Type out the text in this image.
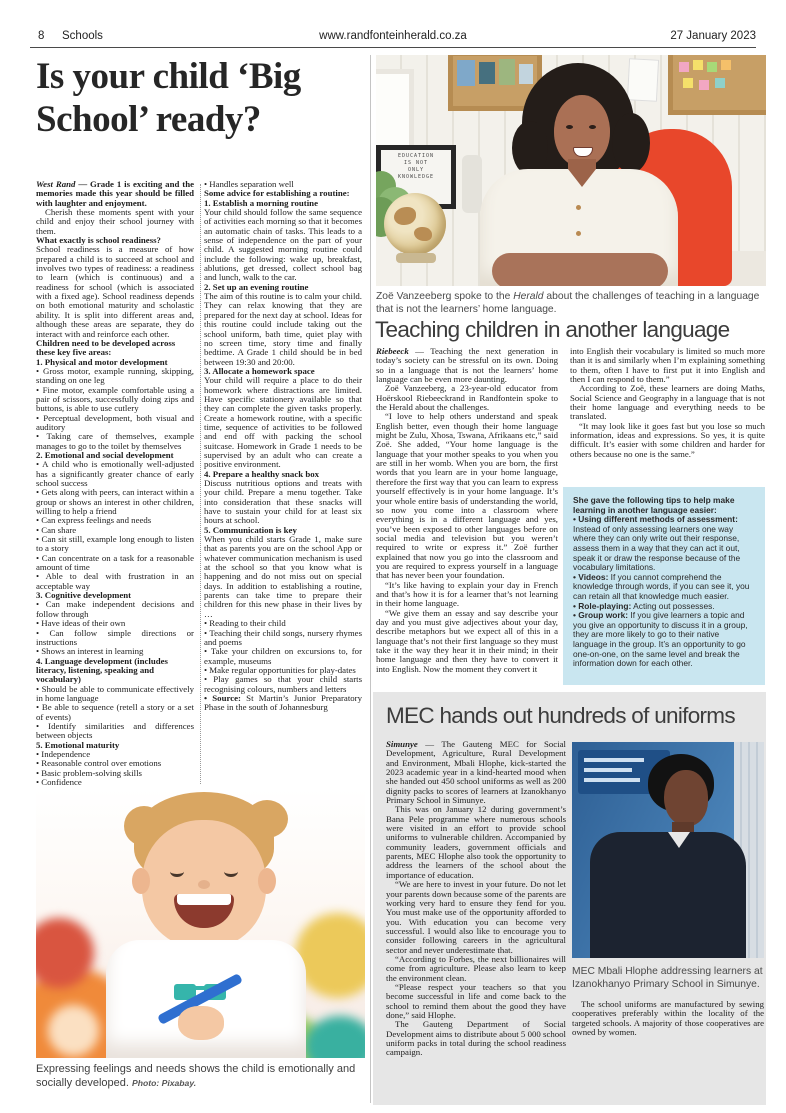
8 Schools	www.randfonteinherald.co.za	27 January 2023
Is your child ‘Big School’ ready?

West Rand — Grade 1 is exciting and the memories made this year should be filled with laughter and enjoyment.

Cherish these moments spent with your child and enjoy their school journey with them.

What exactly is school readiness?

School readiness is a measure of how prepared a child is to succeed at school and involves two types of readiness: a readiness to learn (which is continuous) and a readiness for school (which is associated with a fixed age). School readiness depends on both emotional maturity and scholastic ability. It is split into different areas and, although these areas are separate, they do interact with and reinforce each other.

Children need to be developed across these key five areas:

1. Physical and motor development

• Gross motor, example running, skipping, standing on one leg

• Fine motor, example comfortable using a pair of scissors, successfully doing zips and buttons, is able to use cutlery

• Perceptual development, both visual and auditory

• Taking care of themselves, example manages to go to the toilet by themselves

2. Emotional and social development

• A child who is emotionally well-adjusted has a significantly greater chance of early school success

• Gets along with peers, can interact within a group or shows an interest in other children, willing to help a friend

• Can express feelings and needs

• Can share

• Can sit still, example long enough to listen to a story

• Can concentrate on a task for a reasonable amount of time

• Able to deal with frustration in an acceptable way

3. Cognitive development

• Can make independent decisions and follow through

• Have ideas of their own

• Can follow simple directions or instructions

• Shows an interest in learning

4. Language development (includes literacy, listening, speaking and vocabulary)

• Should be able to communicate effectively in home language

• Be able to sequence (retell a story or a set of events)

• Identify similarities and differences between objects

5. Emotional maturity

• Independence

• Reasonable control over emotions

• Basic problem-solving skills

• Confidence

• Handles separation well

Some advice for establishing a routine:

1. Establish a morning routine

Your child should follow the same sequence of activities each morning so that it becomes an automatic chain of tasks. This leads to a sense of independence on the part of your child. A suggested morning routine could include the following: wake up, breakfast, ablutions, get dressed, collect school bag and lunch, walk to the car.

2. Set up an evening routine

The aim of this routine is to calm your child. They can relax knowing that they are prepared for the next day at school. Ideas for this routine could include taking out the school uniform, bath time, quiet play with no screen time, story time and finally bedtime. A Grade 1 child should be in bed between 19:30 and 20:00.

3. Allocate a homework space

Your child will require a place to do their homework where distractions are limited. Have specific stationery available so that they can complete the given tasks properly. Create a homework routine, with a specific time, sequence of activities to be followed and end off with packing the school suitcase. Homework in Grade 1 needs to be supervised by an adult who can create a positive environment.

4. Prepare a healthy snack box

Discuss nutritious options and treats with your child. Prepare a menu together. Take into consideration that these snacks will have to sustain your child for at least six hours at school.

5. Communication is key

When you child starts Grade 1, make sure that as parents you are on the school App or whatever communication mechanism is used at the school so that you know what is happening and do not miss out on special days. In addition to establishing a routine, parents can take time to prepare their children for this new phase in their lives by …

• Reading to their child

• Teaching their child songs, nursery rhymes and poems

• Take your children on excursions to, for example, museums

• Make regular opportunities for play-dates

• Play games so that your child starts recognising colours, numbers and letters

• Source: St Martin’s Junior Preparatory Phase in the south of Johannesburg

Expressing feelings and needs shows the child is emotionally and socially developed. Photo: Pixabay.

EDUCATION

IS NOT

ONLY

KNOWLEDGE

Zoë Vanzeeberg spoke to the Herald about the challenges of teaching in a language that is not the learners’ home language.
Teaching children in another language

Riebeeck — Teaching the next generation in today’s society can be stressful on its own. Doing so in a language that is not the learners’ home language can be even more daunting.

Zoë Vanzeeberg, a 23-year-old educator from Hoërskool Riebeeckrand in Randfontein spoke to the Herald about the challenges.

“I love to help others understand and speak English better, even though their home language might be Zulu, Xhosa, Tswana, Afrikaans etc,” said Zoë. She added, “Your home language is the language that your mother speaks to you when you are still in her womb. When you are born, the first words that you learn are in your home language, therefore the first way that you can learn to express yourself effectively is in your home language. It’s your whole entire basis of understanding the world, so now you come into a classroom where everything is in a different language and yes, you’ve been exposed to other languages before on social media and television but you weren’t required to write or express it.” Zoë further explained that now you go into the classroom and you are required to express yourself in a language that has never been your foundation.

“It’s like having to explain your day in French and that’s how it is for a learner that’s not learning in their home language.

“We give them an essay and say describe your day and you must give adjectives about your day, describe metaphors but we expect all of this in a language that’s not their first language so they must take it the way they hear it in their mind; in their home language and then they have to convert it into English. Now the moment they convert it

into English their vocabulary is limited so much more than it is and similarly when I’m explaining something to them, often I have to first put it into English and then I can respond to them.”

According to Zoë, these learners are doing Maths, Social Science and Geography in a language that is not their home language and everything needs to be translated.

“It may look like it goes fast but you lose so much information, ideas and expressions. So yes, it is quite difficult. It’s easier with some children and harder for others because no one is the same.”

She gave the following tips to help make learning in another language easier:

• Using different methods of assessment: Instead of only assessing learners one way where they can only write out their response, assess them in a way that they can act it out, speak it or draw the response because of the vocabulary limitations.

• Videos: If you cannot comprehend the knowledge through words, if you can see it, you can retain all that knowledge much easier.

• Role-playing: Acting out possesses.

• Group work: If you give learners a topic and you give an opportunity to discuss it in a group, they are more likely to go to their native language in the group. It’s an opportunity to go one-on-one, on the same level and break the information down for each other.

MEC hands out hundreds of uniforms

Simunye — The Gauteng MEC for Social Development, Agriculture, Rural Development and Environment, Mbali Hlophe, kick-started the 2023 academic year in a kind-hearted mood when she handed out 450 school uniforms as well as 200 dignity packs to scores of learners at Izanokhanyo Primary School in Simunye.

This was on January 12 during government’s Bana Pele programme where numerous schools were visited in an effort to provide school uniforms to vulnerable children. Accompanied by community leaders, government officials and parents, MEC Hlophe also took the opportunity to address the learners of the school about the importance of education.

“We are here to invest in your future. Do not let your parents down because some of the parents are working very hard to ensure they fend for you. You must make use of the opportunity afforded to you. With education you can become very successful. I would also like to encourage you to consider following careers in the agricultural sector and never underestimate that.

“According to Forbes, the next billionaires will come from agriculture. Please also learn to keep the environment clean.

“Please respect your teachers so that you become successful in life and come back to the school to remind them about the good they have done,” said Hlophe.

The Gauteng Department of Social Development aims to distribute about 5 000 school uniform packs in total during the school readiness campaign.

MEC Mbali Hlophe addressing learners at Izanokhanyo Primary School in Simunye.

The school uniforms are manufactured by sewing cooperatives preferably within the locality of the targeted schools. A majority of those cooperatives are owned by women.
